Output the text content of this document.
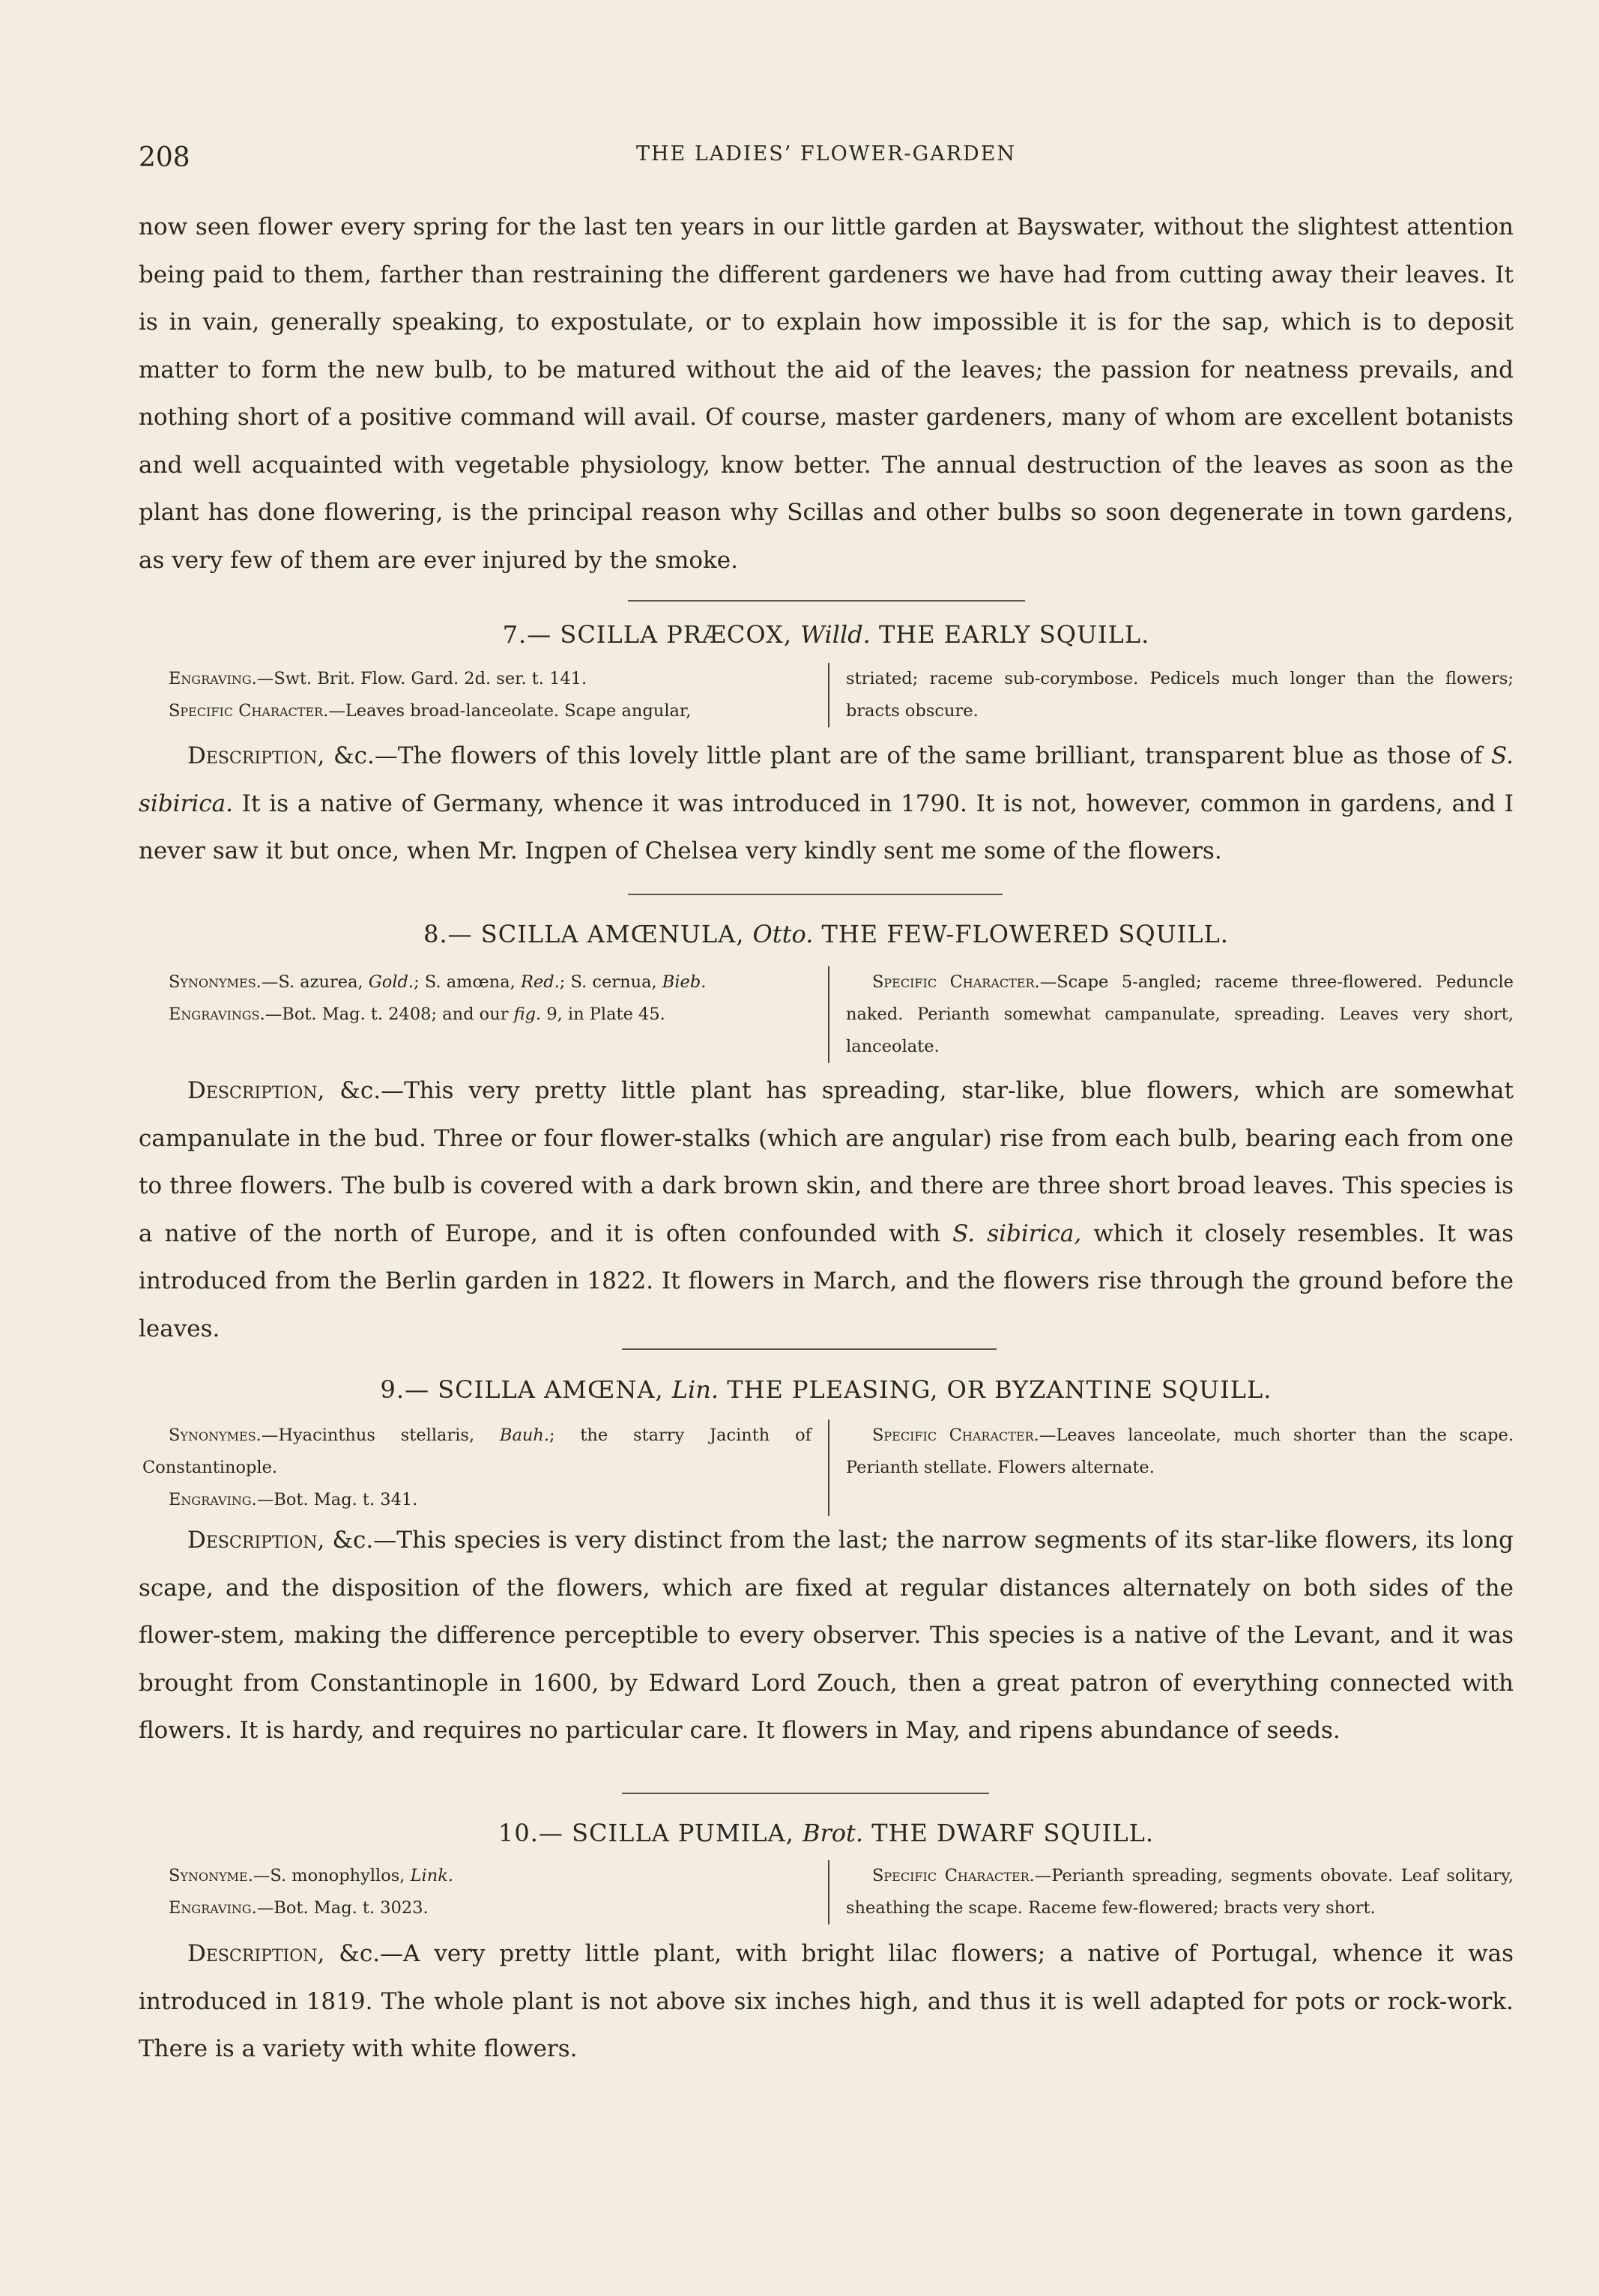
208	THE LADIES’ FLOWER-GARDEN

now seen flower every spring for the last ten years in our little garden at Bayswater, without the slightest attention being paid to them, farther than restraining the different gardeners we have had from cutting away their leaves. It is in vain, generally speaking, to expostulate, or to explain how impossible it is for the sap, which is to deposit matter to form the new bulb, to be matured without the aid of the leaves; the passion for neatness prevails, and nothing short of a positive command will avail. Of course, master gardeners, many of whom are excellent botanists and well acquainted with vegetable physiology, know better. The annual destruction of the leaves as soon as the plant has done flowering, is the principal reason why Scillas and other bulbs so soon degenerate in town gardens, as very few of them are ever injured by the smoke.

7.— SCILLA PRÆCOX, Willd. THE EARLY SQUILL.

Engraving.—Swt. Brit. Flow. Gard. 2d. ser. t. 141.

Specific Character.—Leaves broad-lanceolate. Scape angular,

striated; raceme sub-corymbose. Pedicels much longer than the flowers; bracts obscure.

Description, &c.—The flowers of this lovely little plant are of the same brilliant, transparent blue as those of S. sibirica. It is a native of Germany, whence it was introduced in 1790. It is not, however, common in gardens, and I never saw it but once, when Mr. Ingpen of Chelsea very kindly sent me some of the flowers.

8.— SCILLA AMŒNULA, Otto. THE FEW-FLOWERED SQUILL.

Synonymes.—S. azurea, Gold.; S. amœna, Red.; S. cernua, Bieb.

Engravings.—Bot. Mag. t. 2408; and our fig. 9, in Plate 45.

Specific Character.—Scape 5-angled; raceme three-flowered. Peduncle naked. Perianth somewhat campanulate, spreading. Leaves very short, lanceolate.

Description, &c.—This very pretty little plant has spreading, star-like, blue flowers, which are somewhat campanulate in the bud. Three or four flower-stalks (which are angular) rise from each bulb, bearing each from one to three flowers. The bulb is covered with a dark brown skin, and there are three short broad leaves. This species is a native of the north of Europe, and it is often confounded with S. sibirica, which it closely resembles. It was introduced from the Berlin garden in 1822. It flowers in March, and the flowers rise through the ground before the leaves.

9.— SCILLA AMŒNA, Lin. THE PLEASING, OR BYZANTINE SQUILL.

Synonymes.—Hyacinthus stellaris, Bauh.; the starry Jacinth of Constantinople.

Engraving.—Bot. Mag. t. 341.

Specific Character.—Leaves lanceolate, much shorter than the scape. Perianth stellate. Flowers alternate.

Description, &c.—This species is very distinct from the last; the narrow segments of its star-like flowers, its long scape, and the disposition of the flowers, which are fixed at regular distances alternately on both sides of the flower-stem, making the difference perceptible to every observer. This species is a native of the Levant, and it was brought from Constantinople in 1600, by Edward Lord Zouch, then a great patron of everything connected with flowers. It is hardy, and requires no particular care. It flowers in May, and ripens abundance of seeds.

10.— SCILLA PUMILA, Brot. THE DWARF SQUILL.

Synonyme.—S. monophyllos, Link.

Engraving.—Bot. Mag. t. 3023.

Specific Character.—Perianth spreading, segments obovate. Leaf solitary, sheathing the scape. Raceme few-flowered; bracts very short.

Description, &c.—A very pretty little plant, with bright lilac flowers; a native of Portugal, whence it was introduced in 1819. The whole plant is not above six inches high, and thus it is well adapted for pots or rock-work. There is a variety with white flowers.
